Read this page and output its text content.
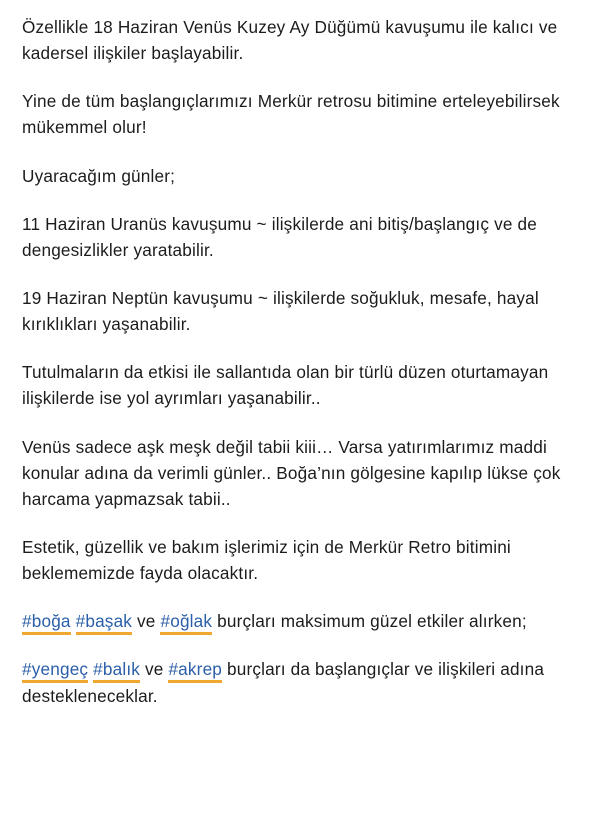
Özellikle 18 Haziran Venüs Kuzey Ay Düğümü kavuşumu ile kalıcı ve kadersel ilişkiler başlayabilir.

Yine de tüm başlangıçlarımızı Merkür retrosu bitimine erteleyebilirsek mükemmel olur!

Uyaracağım günler;

11 Haziran Uranüs kavuşumu ~ ilişkilerde ani bitiş/başlangıç ve de dengesizlikler yaratabilir.

19 Haziran Neptün kavuşumu ~ ilişkilerde soğukluk, mesafe, hayal kırıklıkları yaşanabilir.

Tutulmaların da etkisi ile sallantıda olan bir türlü düzen oturtamayan ilişkilerde ise yol ayrımları yaşanabilir..

Venüs sadece aşk meşk değil tabii kiii… Varsa yatırımlarımız maddi konular adına da verimli günler.. Boğa’nın gölgesine kapılıp lükse çok harcama yapmazsak tabii..

Estetik, güzellik ve bakım işlerimiz için de Merkür Retro bitimini beklememizde fayda olacaktır.

#boğa #başak ve #oğlak burçları maksimum güzel etkiler alırken;

#yengeç #balık ve #akrep burçları da başlangıçlar ve ilişkileri adına destekleneceklar.
